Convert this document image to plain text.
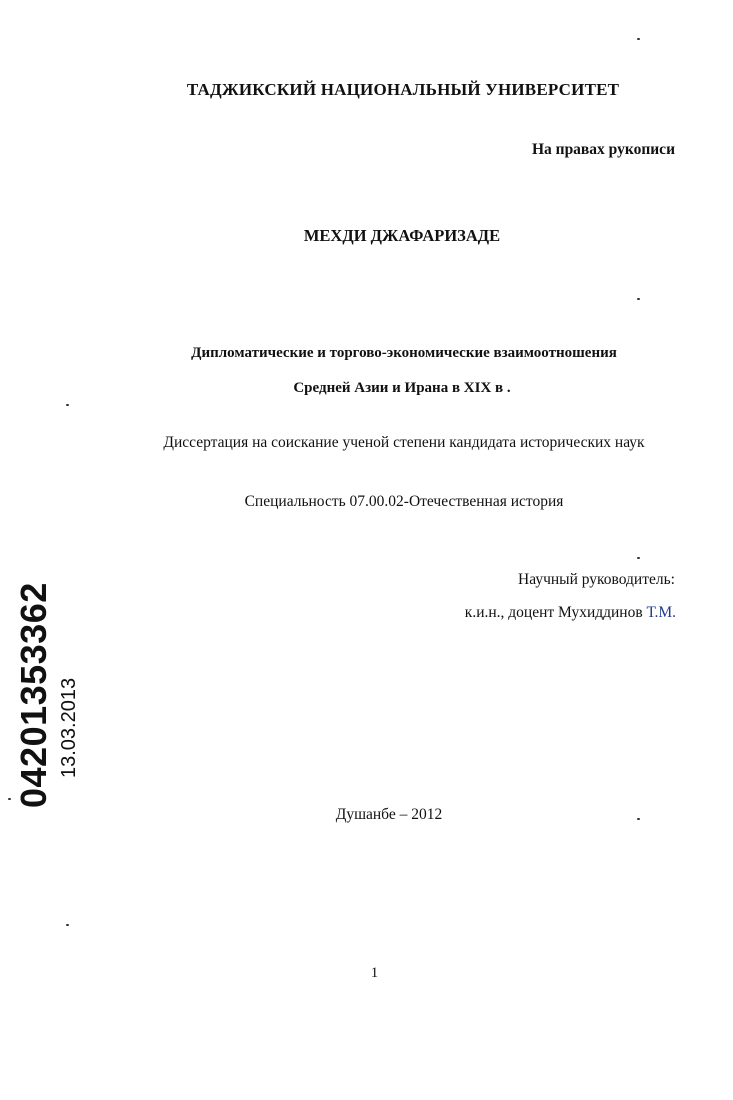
ТАДЖИКСКИЙ НАЦИОНАЛЬНЫЙ УНИВЕРСИТЕТ
На правах рукописи
МЕХДИ ДЖАФАРИЗАДЕ
Дипломатические и торгово-экономические взаимоотношения
Средней Азии и Ирана в XIX в .
Диссертация на соискание ученой степени кандидата исторических наук
Специальность 07.00.02-Отечественная история
Научный руководитель:
к.и.н., доцент Мухиддинов Т.М.
Душанбе – 2012
1
04201353362 13.03.2013
